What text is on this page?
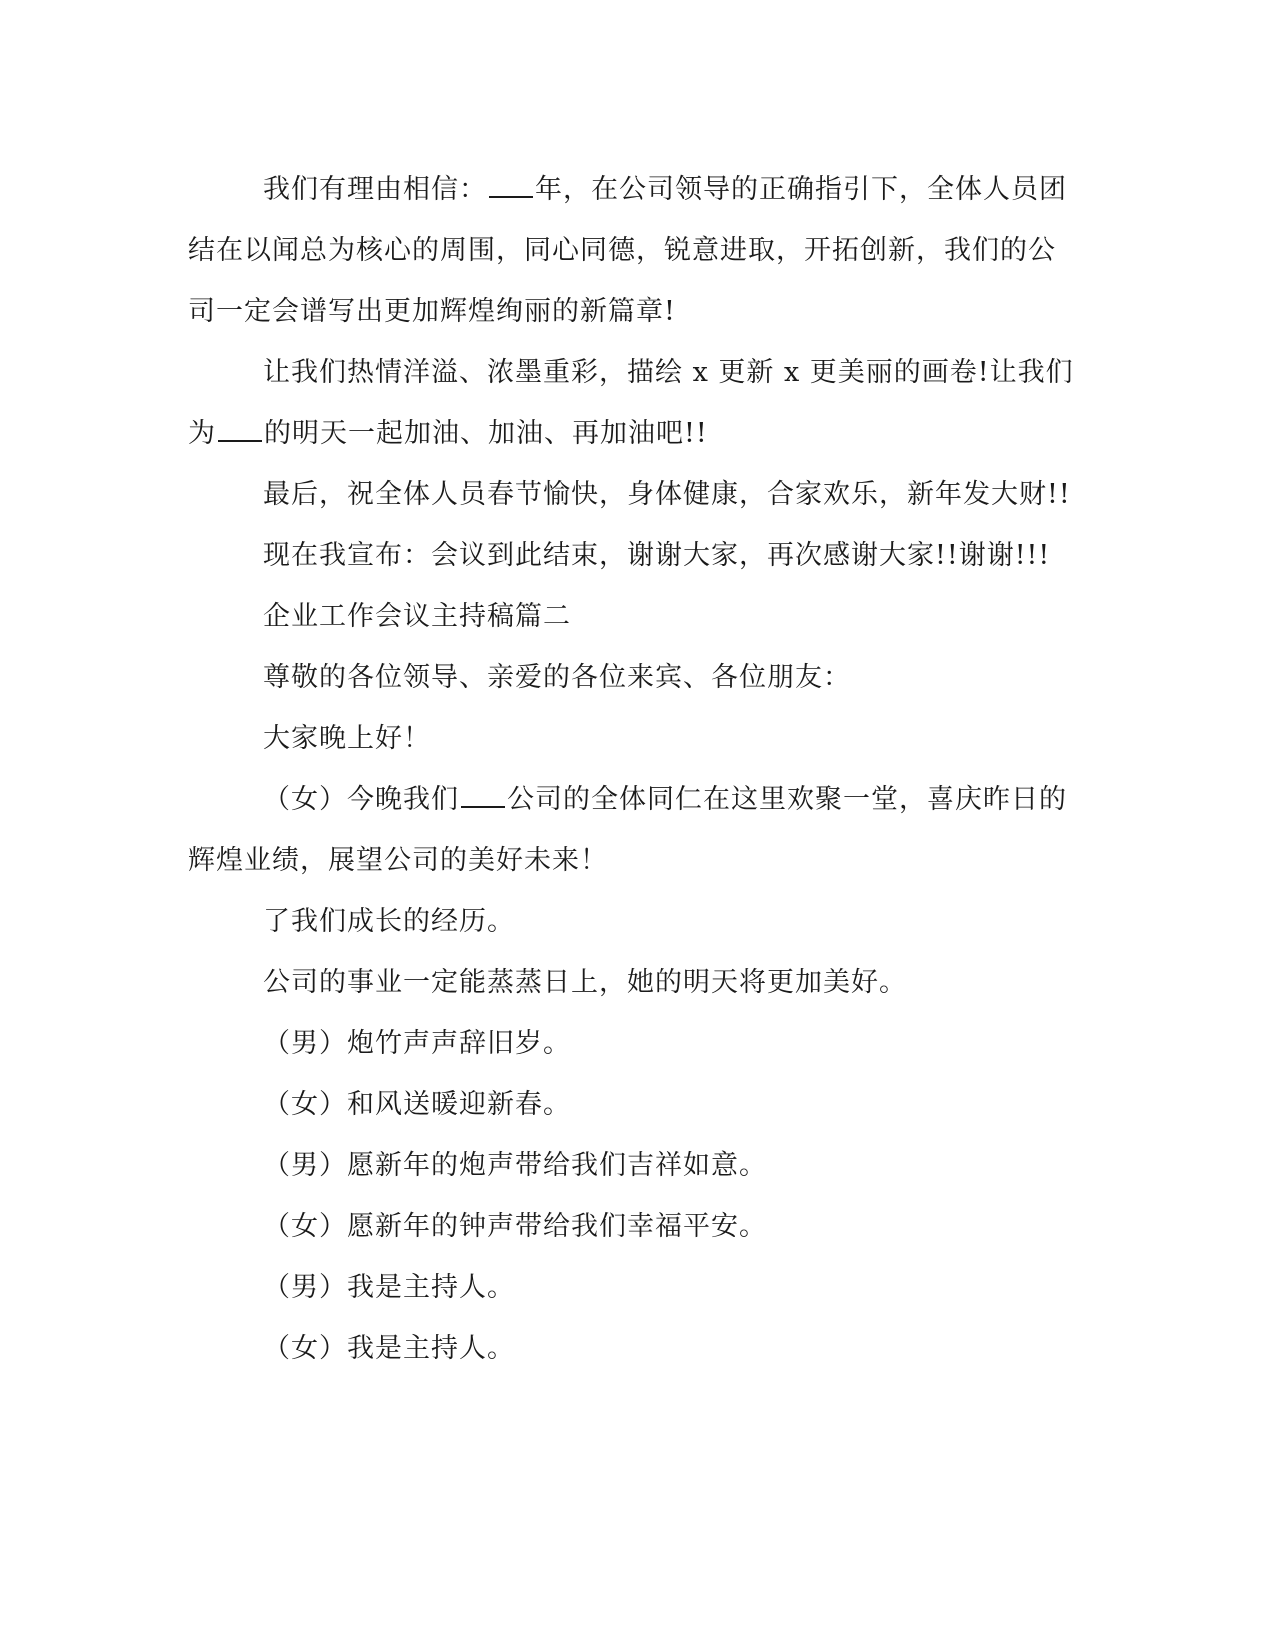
我们有理由相信： 年，在公司领导的正确指引下，全体人员团结在以闻总为核心的周围，同心同德，锐意进取，开拓创新，我们的公司一定会谱写出更加辉煌绚丽的新篇章!

让我们热情洋溢、浓墨重彩，描绘 x 更新 x 更美丽的画卷!让我们为 的明天一起加油、加油、再加油吧!!

最后，祝全体人员春节愉快，身体健康，合家欢乐，新年发大财!!

现在我宣布：会议到此结束，谢谢大家，再次感谢大家!!谢谢!!!

企业工作会议主持稿篇二

尊敬的各位领导、亲爱的各位来宾、各位朋友：

大家晚上好！

（女）今晚我们 公司的全体同仁在这里欢聚一堂，喜庆昨日的辉煌业绩，展望公司的美好未来！

了我们成长的经历。

公司的事业一定能蒸蒸日上，她的明天将更加美好。

（男）炮竹声声辞旧岁。

（女）和风送暖迎新春。

（男）愿新年的炮声带给我们吉祥如意。

（女）愿新年的钟声带给我们幸福平安。

（男）我是主持人。

（女）我是主持人。
